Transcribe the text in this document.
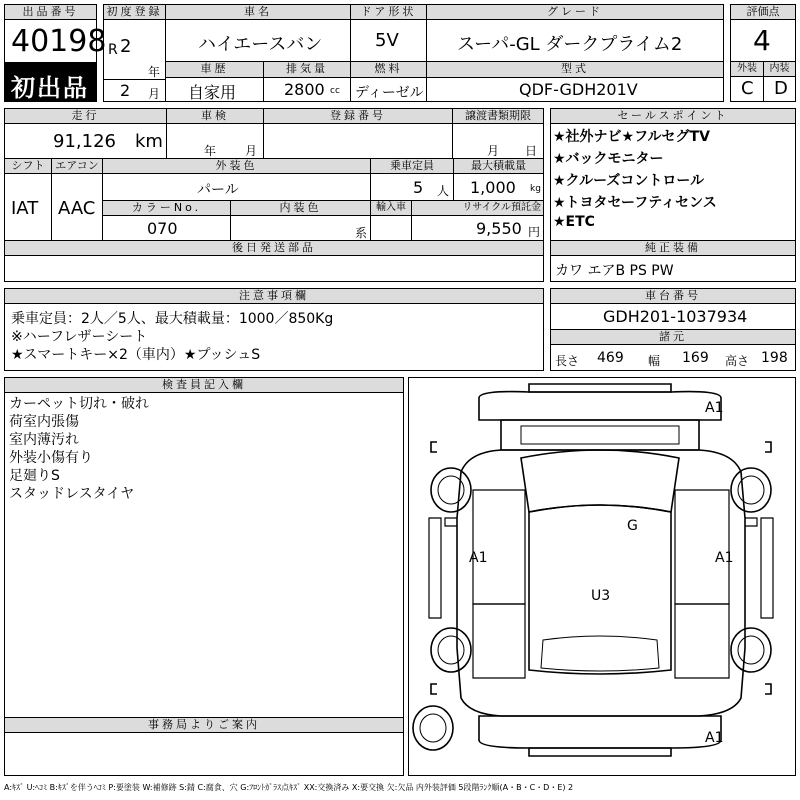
出品番号
40198
初出品
初度登録
R 2
年
2 月
車名
ハイエースバン
ドア形状
5V
グレード
スーパ-GL ダークプライム2
評価点
4
外装	内装
C D
車歴
自家用
排気量
2800 cc
燃料
ディーゼル
型式
QDF-GDH201V
走行
91,126 km
車検
年 月
登録番号	譲渡書類期限
月 日
シフト
IAT
エアコン
AAC
外装色
パール
乗車定員
5 人
最大積載量
1,000 kg
カラーNo.
070
内装色
系
輸入車	リサイクル預託金
9,550 円
後日発送部品
セールスポイント
★社外ナビ★フルセグTV
★バックモニター
★クルーズコントロール
★トヨタセーフティセンス
★ETC
純正装備
カワ エアB PS PW
注意事項欄
乗車定員：2人／5人、最大積載量：1000／850Kg
※ハーフレザーシート
★スマートキー×2（車内）★プッシュS
車台番号
GDH201-1037934
諸元
長さ 469 幅 169 高さ 198
検査員記入欄
カーペット切れ・破れ
荷室内張傷
室内薄汚れ
外装小傷有り
足廻りS
スタッドレスタイヤ
事務局よりご案内
A1
A1	A1
G
U3
A1
A:ｷｽﾞ U:ﾍｺﾐ B:ｷｽﾞを伴うﾍｺﾐ P:要塗装 W:補修跡 S:錆 C:腐食、穴 G:ﾌﾛﾝﾄｶﾞﾗｽ点ｷｽﾞ XX:交換済み X:要交換 欠:欠品 内外装評価 5段階ﾗﾝｸ順(A・B・C・D・E) 2
